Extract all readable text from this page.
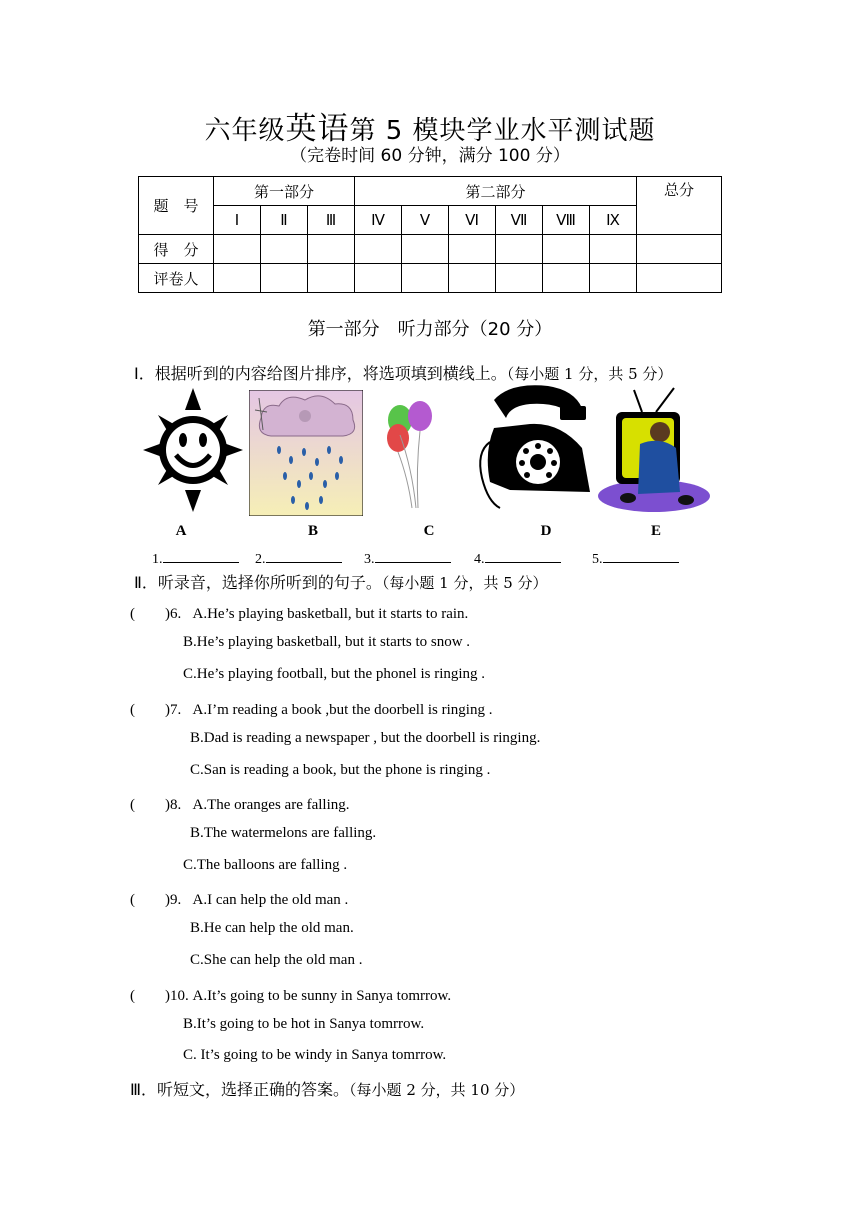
六年级英语第 5 模块学业水平测试题
（完卷时间 60 分钟，满分 100 分）
题　号	第一部分			第二部分						总分
	Ⅰ	Ⅱ	Ⅲ	Ⅳ	Ⅴ	Ⅵ	Ⅶ	Ⅷ	Ⅸ	
得　分										
评卷人										
第一部分　听力部分（20 分）
Ⅰ．根据听到的内容给图片排序，将选项填到横线上。（每小题 1 分，共 5 分）
A	B	C	D	E
1.	2.	3.	4.	5.
Ⅱ．听录音，选择你所听到的句子。（每小题 1 分，共 5 分）
(　　)6. A.He’s playing basketball, but it starts to rain.
B.He’s playing basketball, but it starts to snow .
C.He’s playing football, but the phonel is ringing .
(　　)7. A.I’m reading a book ,but the doorbell is ringing .
B.Dad is reading a newspaper , but the doorbell is ringing.
C.San is reading a book, but the phone is ringing .
(　　)8. A.The oranges are falling.
B.The watermelons are falling.
C.The balloons are falling .
(　　)9. A.I can help the old man .
B.He can help the old man.
C.She can help the old man .
(　　)10. A.It’s going to be sunny in Sanya tomrrow.
B.It’s going to be hot in Sanya tomrrow.
C. It’s going to be windy in Sanya tomrrow.
Ⅲ．听短文，选择正确的答案。（每小题 2 分，共 10 分）
